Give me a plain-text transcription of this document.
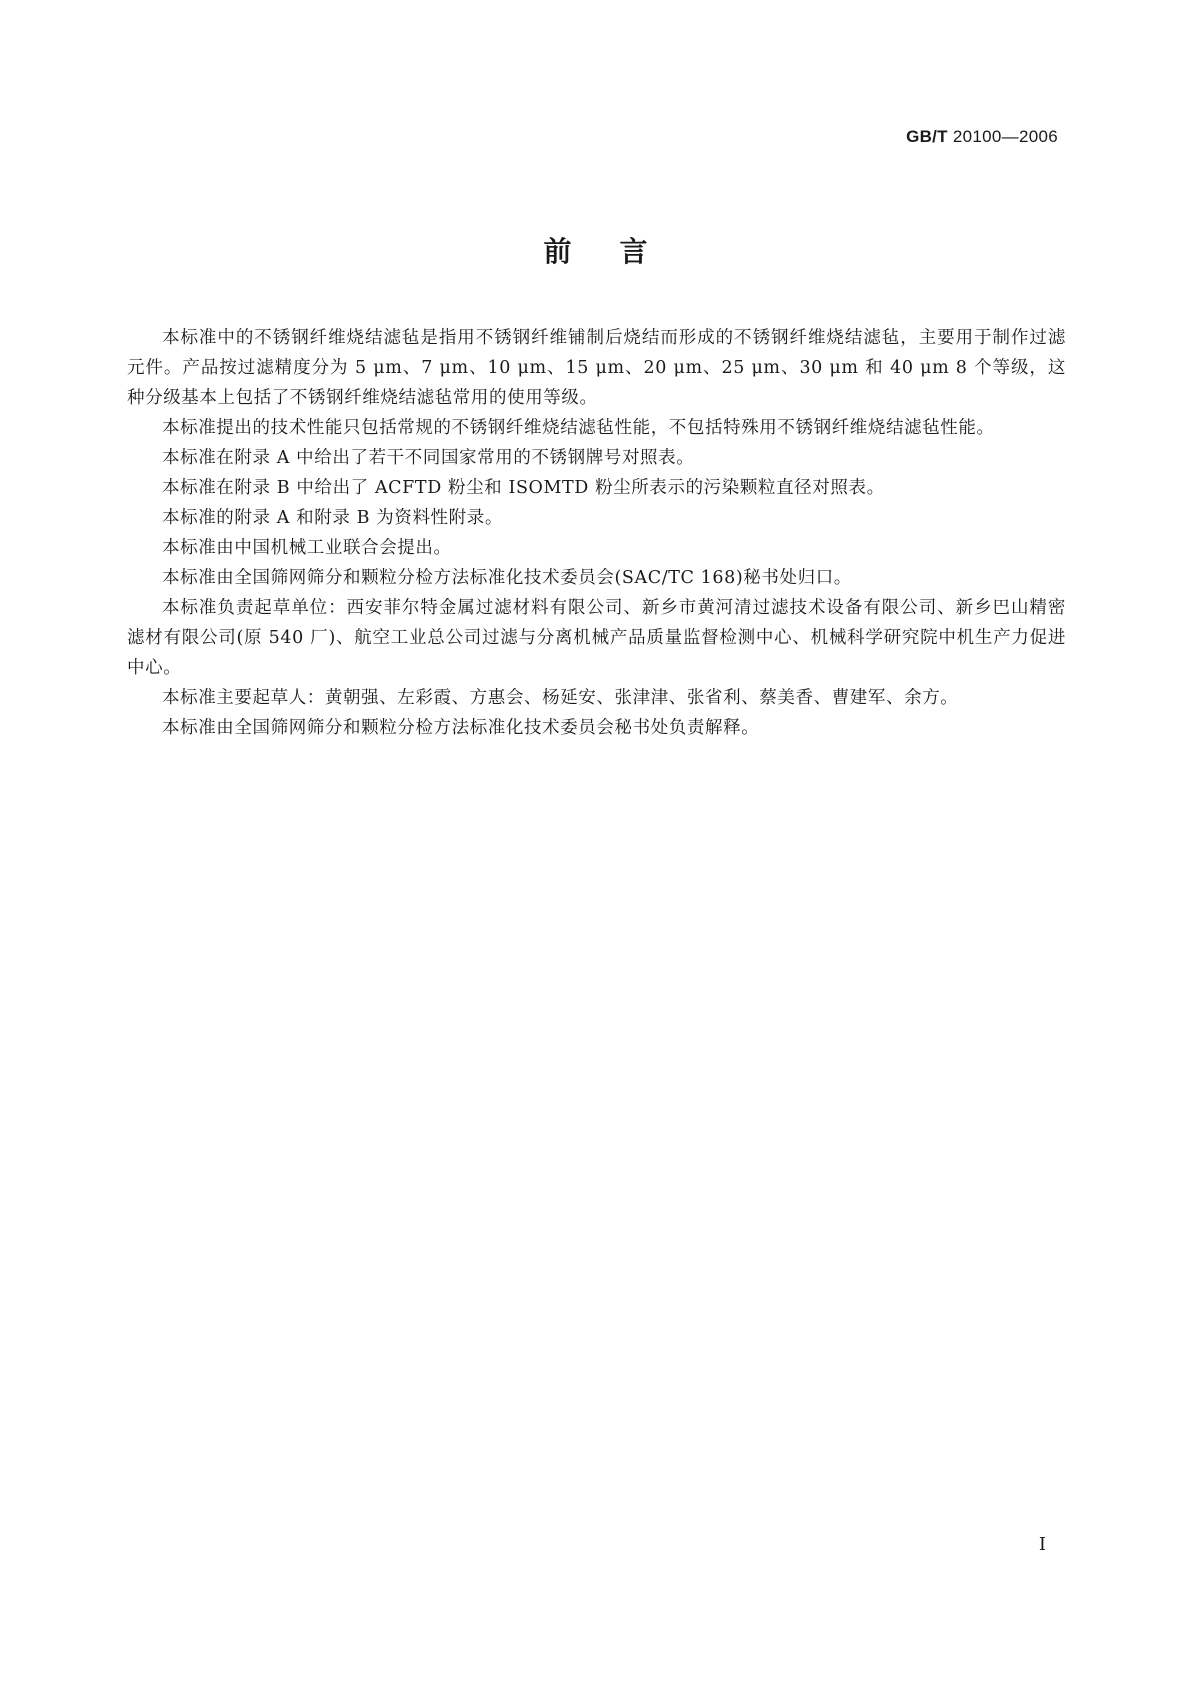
GB/T 20100—2006
前言

本标准中的不锈钢纤维烧结滤毡是指用不锈钢纤维铺制后烧结而形成的不锈钢纤维烧结滤毡，主要用于制作过滤元件。产品按过滤精度分为 5 μm、7 μm、10 μm、15 μm、20 μm、25 μm、30 μm 和 40 μm 8 个等级，这种分级基本上包括了不锈钢纤维烧结滤毡常用的使用等级。

本标准提出的技术性能只包括常规的不锈钢纤维烧结滤毡性能，不包括特殊用不锈钢纤维烧结滤毡性能。

本标准在附录 A 中给出了若干不同国家常用的不锈钢牌号对照表。

本标准在附录 B 中给出了 ACFTD 粉尘和 ISOMTD 粉尘所表示的污染颗粒直径对照表。

本标准的附录 A 和附录 B 为资料性附录。

本标准由中国机械工业联合会提出。

本标准由全国筛网筛分和颗粒分检方法标准化技术委员会(SAC/TC 168)秘书处归口。

本标准负责起草单位：西安菲尔特金属过滤材料有限公司、新乡市黄河清过滤技术设备有限公司、新乡巴山精密滤材有限公司(原 540 厂)、航空工业总公司过滤与分离机械产品质量监督检测中心、机械科学研究院中机生产力促进中心。

本标准主要起草人：黄朝强、左彩霞、方惠会、杨延安、张津津、张省利、蔡美香、曹建军、余方。

本标准由全国筛网筛分和颗粒分检方法标准化技术委员会秘书处负责解释。

I
